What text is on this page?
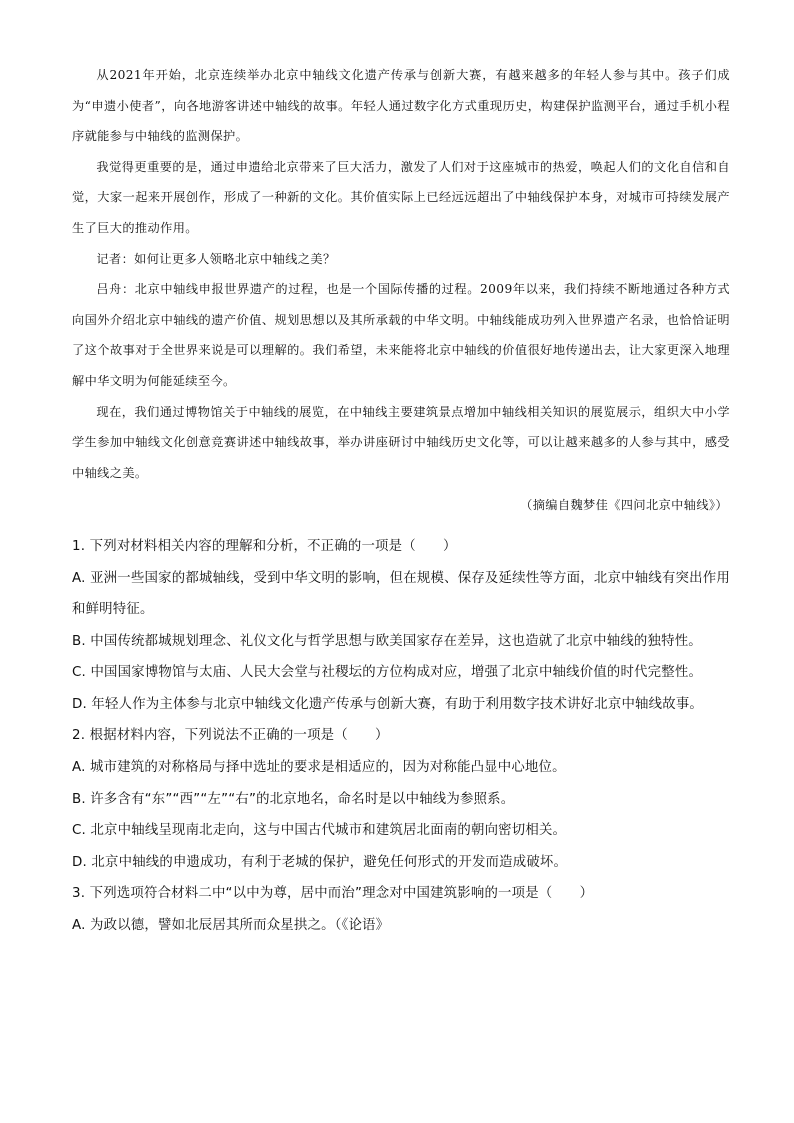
从2021年开始，北京连续举办北京中轴线文化遗产传承与创新大赛，有越来越多的年轻人参与其中。孩子们成为“申遗小使者”，向各地游客讲述中轴线的故事。年轻人通过数字化方式重现历史，构建保护监测平台，通过手机小程序就能参与中轴线的监测保护。

我觉得更重要的是，通过申遗给北京带来了巨大活力，激发了人们对于这座城市的热爱，唤起人们的文化自信和自觉，大家一起来开展创作，形成了一种新的文化。其价值实际上已经远远超出了中轴线保护本身，对城市可持续发展产生了巨大的推动作用。

记者：如何让更多人领略北京中轴线之美？

吕舟：北京中轴线申报世界遗产的过程，也是一个国际传播的过程。2009年以来，我们持续不断地通过各种方式向国外介绍北京中轴线的遗产价值、规划思想以及其所承载的中华文明。中轴线能成功列入世界遗产名录，也恰恰证明了这个故事对于全世界来说是可以理解的。我们希望，未来能将北京中轴线的价值很好地传递出去，让大家更深入地理解中华文明为何能延续至今。

现在，我们通过博物馆关于中轴线的展览，在中轴线主要建筑景点增加中轴线相关知识的展览展示，组织大中小学学生参加中轴线文化创意竞赛讲述中轴线故事，举办讲座研讨中轴线历史文化等，可以让越来越多的人参与其中，感受中轴线之美。

（摘编自魏梦佳《四问北京中轴线》）

1. 下列对材料相关内容的理解和分析，不正确的一项是（　　）

A. 亚洲一些国家的都城轴线，受到中华文明的影响，但在规模、保存及延续性等方面，北京中轴线有突出作用和鲜明特征。

B. 中国传统都城规划理念、礼仪文化与哲学思想与欧美国家存在差异，这也造就了北京中轴线的独特性。

C. 中国国家博物馆与太庙、人民大会堂与社稷坛的方位构成对应，增强了北京中轴线价值的时代完整性。

D. 年轻人作为主体参与北京中轴线文化遗产传承与创新大赛，有助于利用数字技术讲好北京中轴线故事。

2. 根据材料内容，下列说法不正确的一项是（　　）

A. 城市建筑的对称格局与择中选址的要求是相适应的，因为对称能凸显中心地位。

B. 许多含有“东”“西”“左”“右”的北京地名，命名时是以中轴线为参照系。

C. 北京中轴线呈现南北走向，这与中国古代城市和建筑居北面南的朝向密切相关。

D. 北京中轴线的申遗成功，有利于老城的保护，避免任何形式的开发而造成破坏。

3. 下列选项符合材料二中“以中为尊，居中而治”理念对中国建筑影响的一项是（　　）

A. 为政以德，譬如北辰居其所而众星拱之。（《论语》
